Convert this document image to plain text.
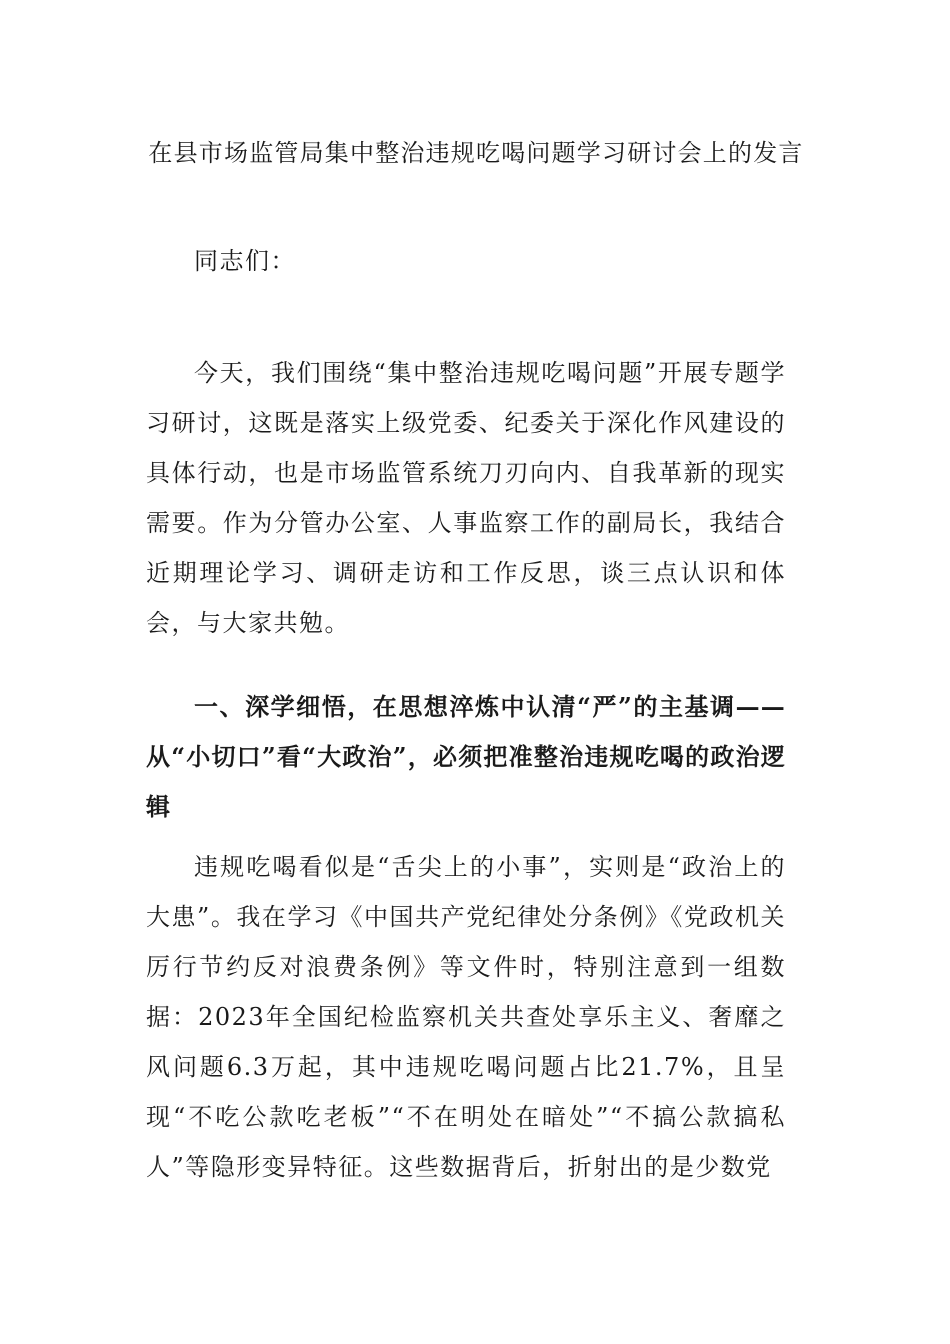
在县市场监管局集中整治违规吃喝问题学习研讨会上的发言

同志们：

今天，我们围绕“集中整治违规吃喝问题”开展专题学习研讨，这既是落实上级党委、纪委关于深化作风建设的具体行动，也是市场监管系统刀刃向内、自我革新的现实需要。作为分管办公室、人事监察工作的副局长，我结合近期理论学习、调研走访和工作反思，谈三点认识和体会，与大家共勉。

一、深学细悟，在思想淬炼中认清“严”的主基调——从“小切口”看“大政治”，必须把准整治违规吃喝的政治逻辑

违规吃喝看似是“舌尖上的小事”，实则是“政治上的大患”。我在学习《中国共产党纪律处分条例》《党政机关厉行节约反对浪费条例》等文件时，特别注意到一组数据：2023年全国纪检监察机关共查处享乐主义、奢靡之风问题6.3万起，其中违规吃喝问题占比21.7%，且呈现“不吃公款吃老板”“不在明处在暗处”“不搞公款搞私人”等隐形变异特征。这些数据背后，折射出的是少数党
